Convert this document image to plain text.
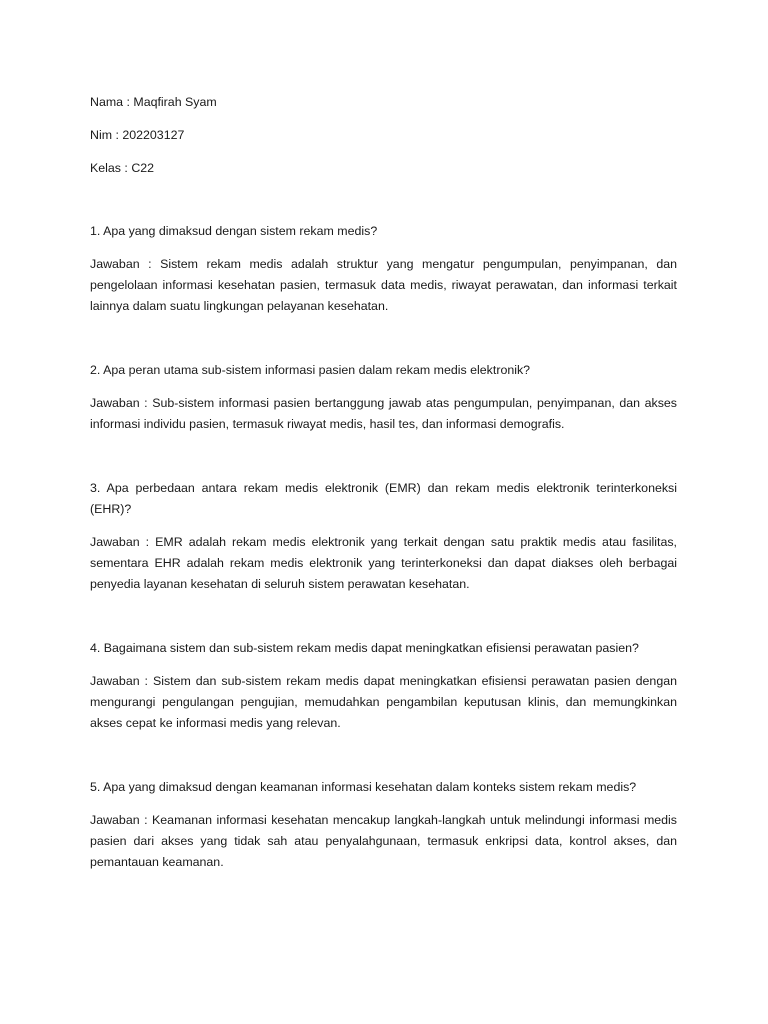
Nama : Maqfirah Syam

Nim : 202203127

Kelas : C22

1. Apa yang dimaksud dengan sistem rekam medis?

Jawaban : Sistem rekam medis adalah struktur yang mengatur pengumpulan, penyimpanan, dan pengelolaan informasi kesehatan pasien, termasuk data medis, riwayat perawatan, dan informasi terkait lainnya dalam suatu lingkungan pelayanan kesehatan.

2. Apa peran utama sub-sistem informasi pasien dalam rekam medis elektronik?

Jawaban : Sub-sistem informasi pasien bertanggung jawab atas pengumpulan, penyimpanan, dan akses informasi individu pasien, termasuk riwayat medis, hasil tes, dan informasi demografis.

3. Apa perbedaan antara rekam medis elektronik (EMR) dan rekam medis elektronik terinterkoneksi (EHR)?

Jawaban : EMR adalah rekam medis elektronik yang terkait dengan satu praktik medis atau fasilitas, sementara EHR adalah rekam medis elektronik yang terinterkoneksi dan dapat diakses oleh berbagai penyedia layanan kesehatan di seluruh sistem perawatan kesehatan.

4. Bagaimana sistem dan sub-sistem rekam medis dapat meningkatkan efisiensi perawatan pasien?

Jawaban : Sistem dan sub-sistem rekam medis dapat meningkatkan efisiensi perawatan pasien dengan mengurangi pengulangan pengujian, memudahkan pengambilan keputusan klinis, dan memungkinkan akses cepat ke informasi medis yang relevan.

5. Apa yang dimaksud dengan keamanan informasi kesehatan dalam konteks sistem rekam medis?

Jawaban : Keamanan informasi kesehatan mencakup langkah-langkah untuk melindungi informasi medis pasien dari akses yang tidak sah atau penyalahgunaan, termasuk enkripsi data, kontrol akses, dan pemantauan keamanan.
